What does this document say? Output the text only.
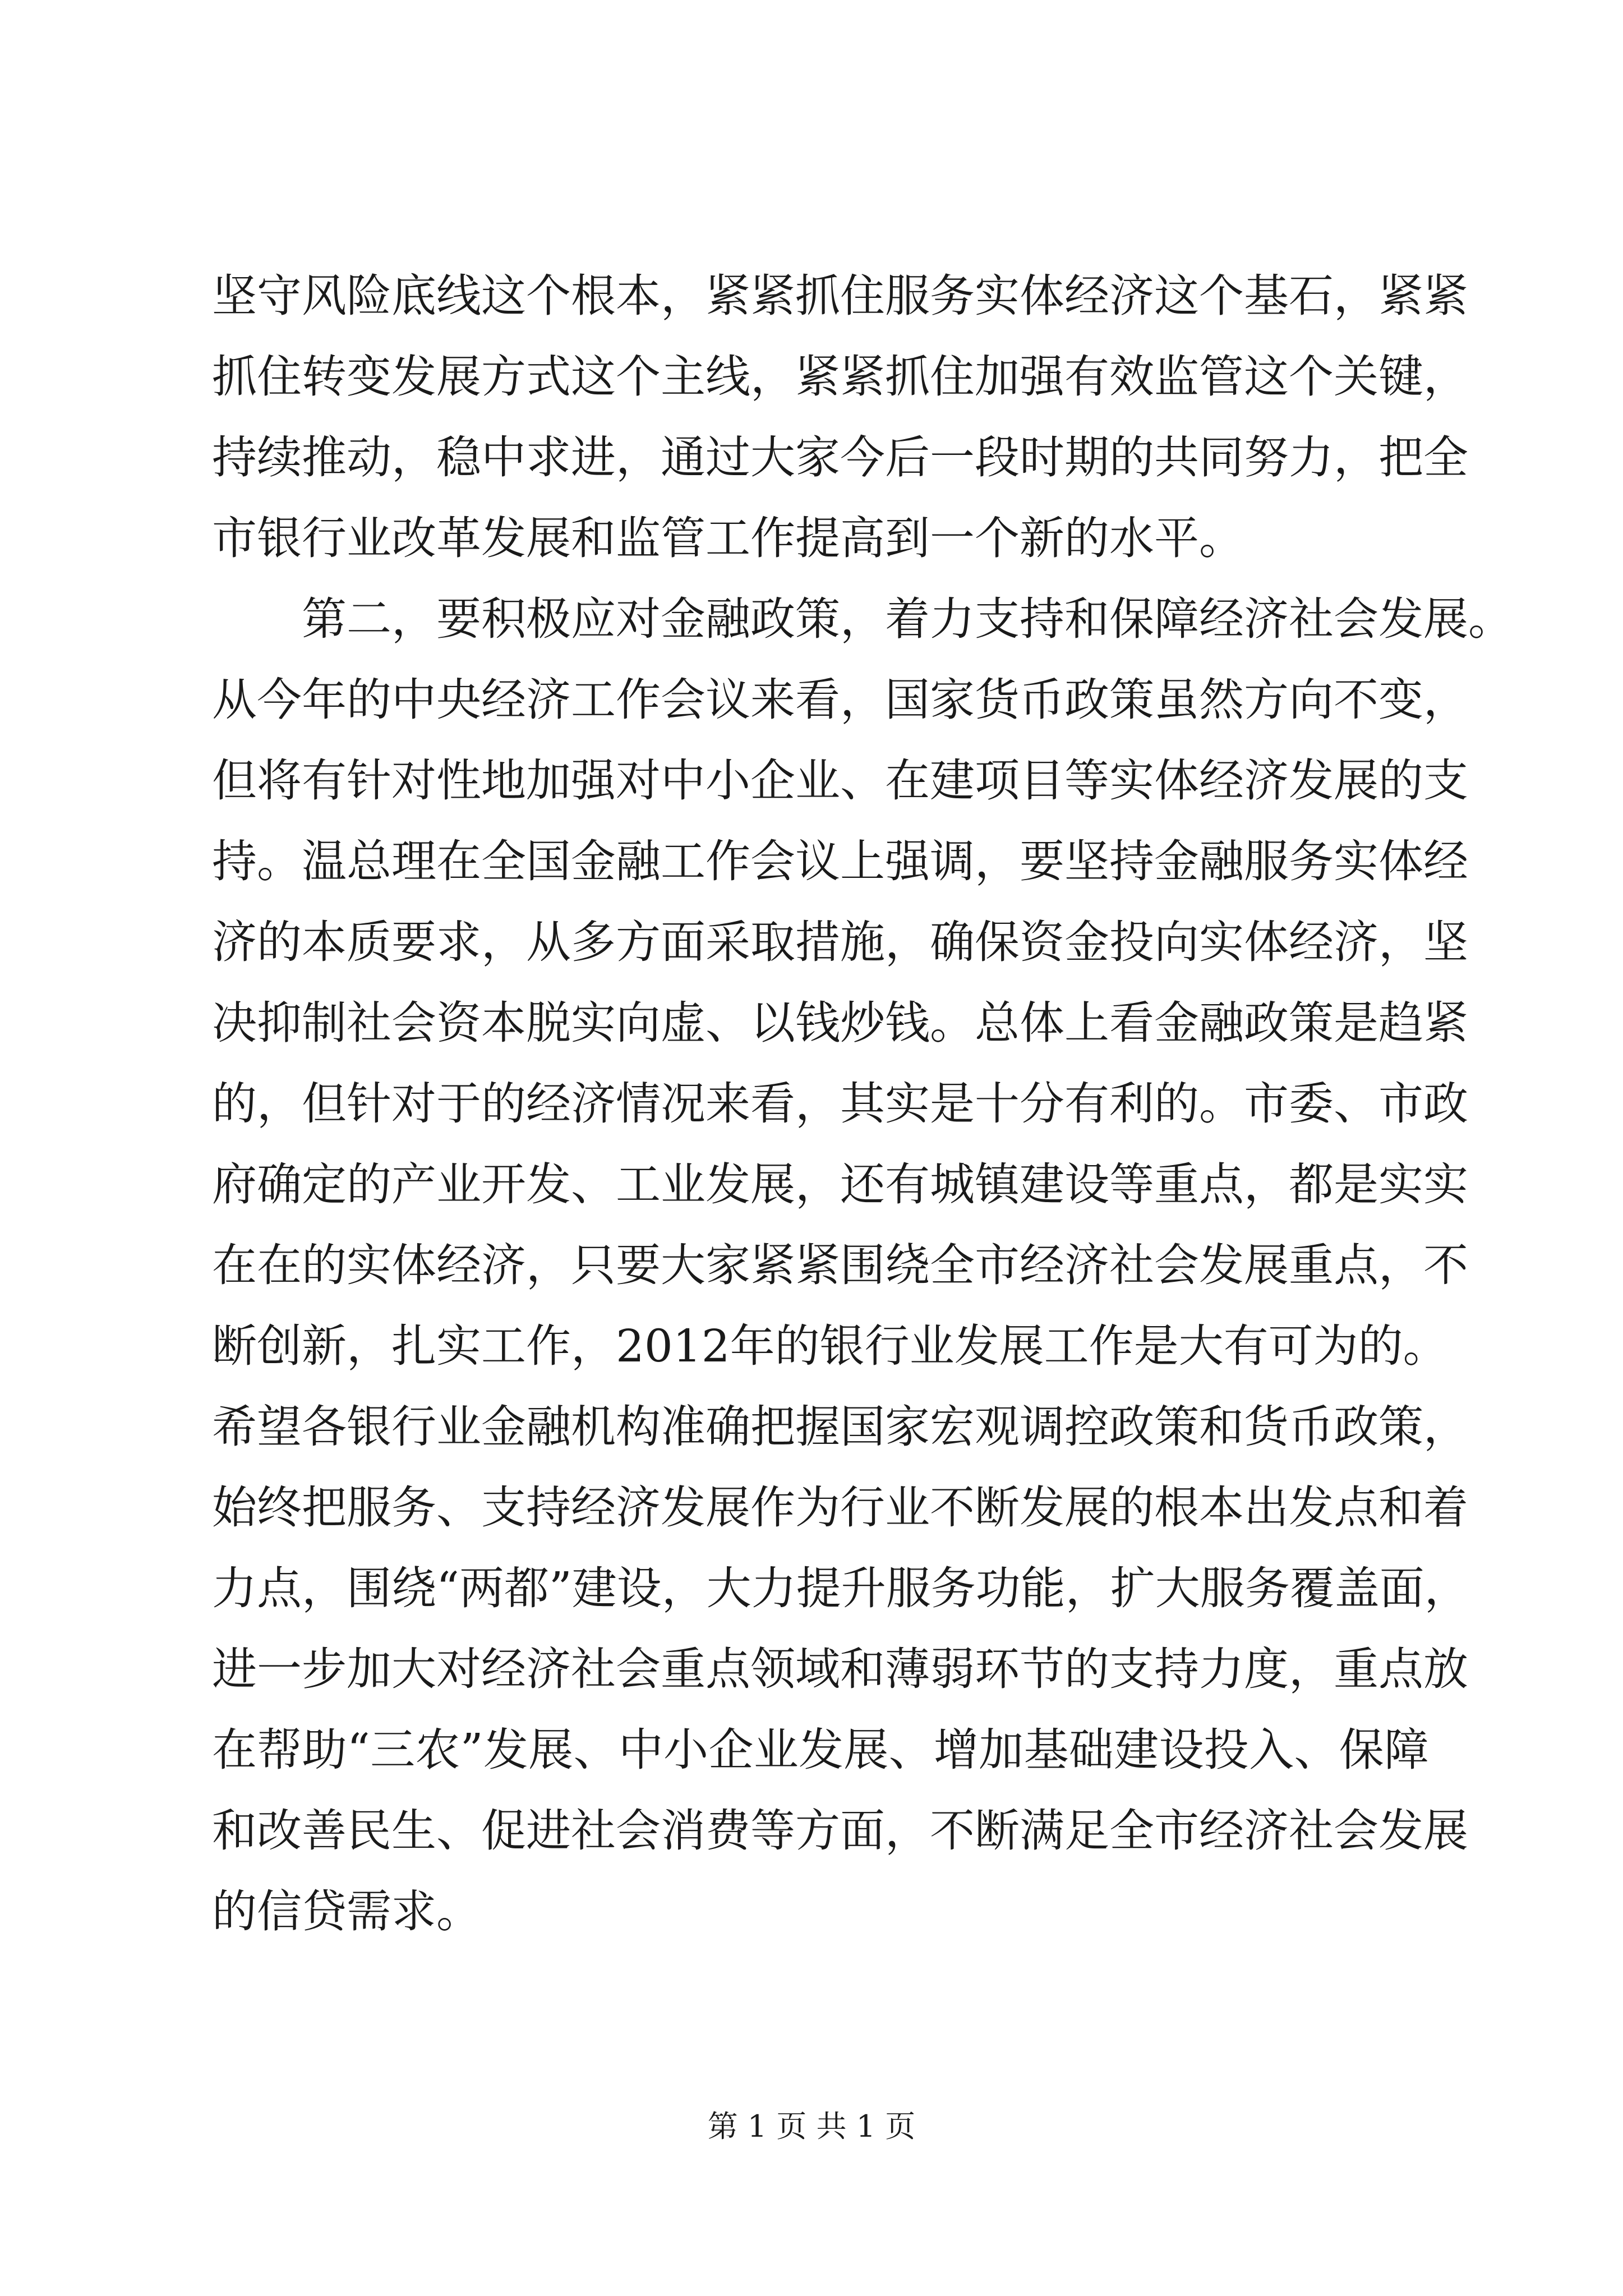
坚守风险底线这个根本，紧紧抓住服务实体经济这个基石，紧紧
抓住转变发展方式这个主线，紧紧抓住加强有效监管这个关键，
持续推动，稳中求进，通过大家今后一段时期的共同努力，把全
市银行业改革发展和监管工作提高到一个新的水平。
第二，要积极应对金融政策，着力支持和保障经济社会发展。
从今年的中央经济工作会议来看，国家货币政策虽然方向不变，
但将有针对性地加强对中小企业、在建项目等实体经济发展的支
持。温总理在全国金融工作会议上强调，要坚持金融服务实体经
济的本质要求，从多方面采取措施，确保资金投向实体经济，坚
决抑制社会资本脱实向虚、以钱炒钱。总体上看金融政策是趋紧
的，但针对于的经济情况来看，其实是十分有利的。市委、市政
府确定的产业开发、工业发展，还有城镇建设等重点，都是实实
在在的实体经济，只要大家紧紧围绕全市经济社会发展重点，不
断创新，扎实工作，2012年的银行业发展工作是大有可为的。
希望各银行业金融机构准确把握国家宏观调控政策和货币政策，
始终把服务、支持经济发展作为行业不断发展的根本出发点和着
力点，围绕“两都”建设，大力提升服务功能，扩大服务覆盖面，
进一步加大对经济社会重点领域和薄弱环节的支持力度，重点放
在帮助“三农”发展、中小企业发展、增加基础建设投入、保障
和改善民生、促进社会消费等方面，不断满足全市经济社会发展
的信贷需求。
第 1 页 共 1 页
